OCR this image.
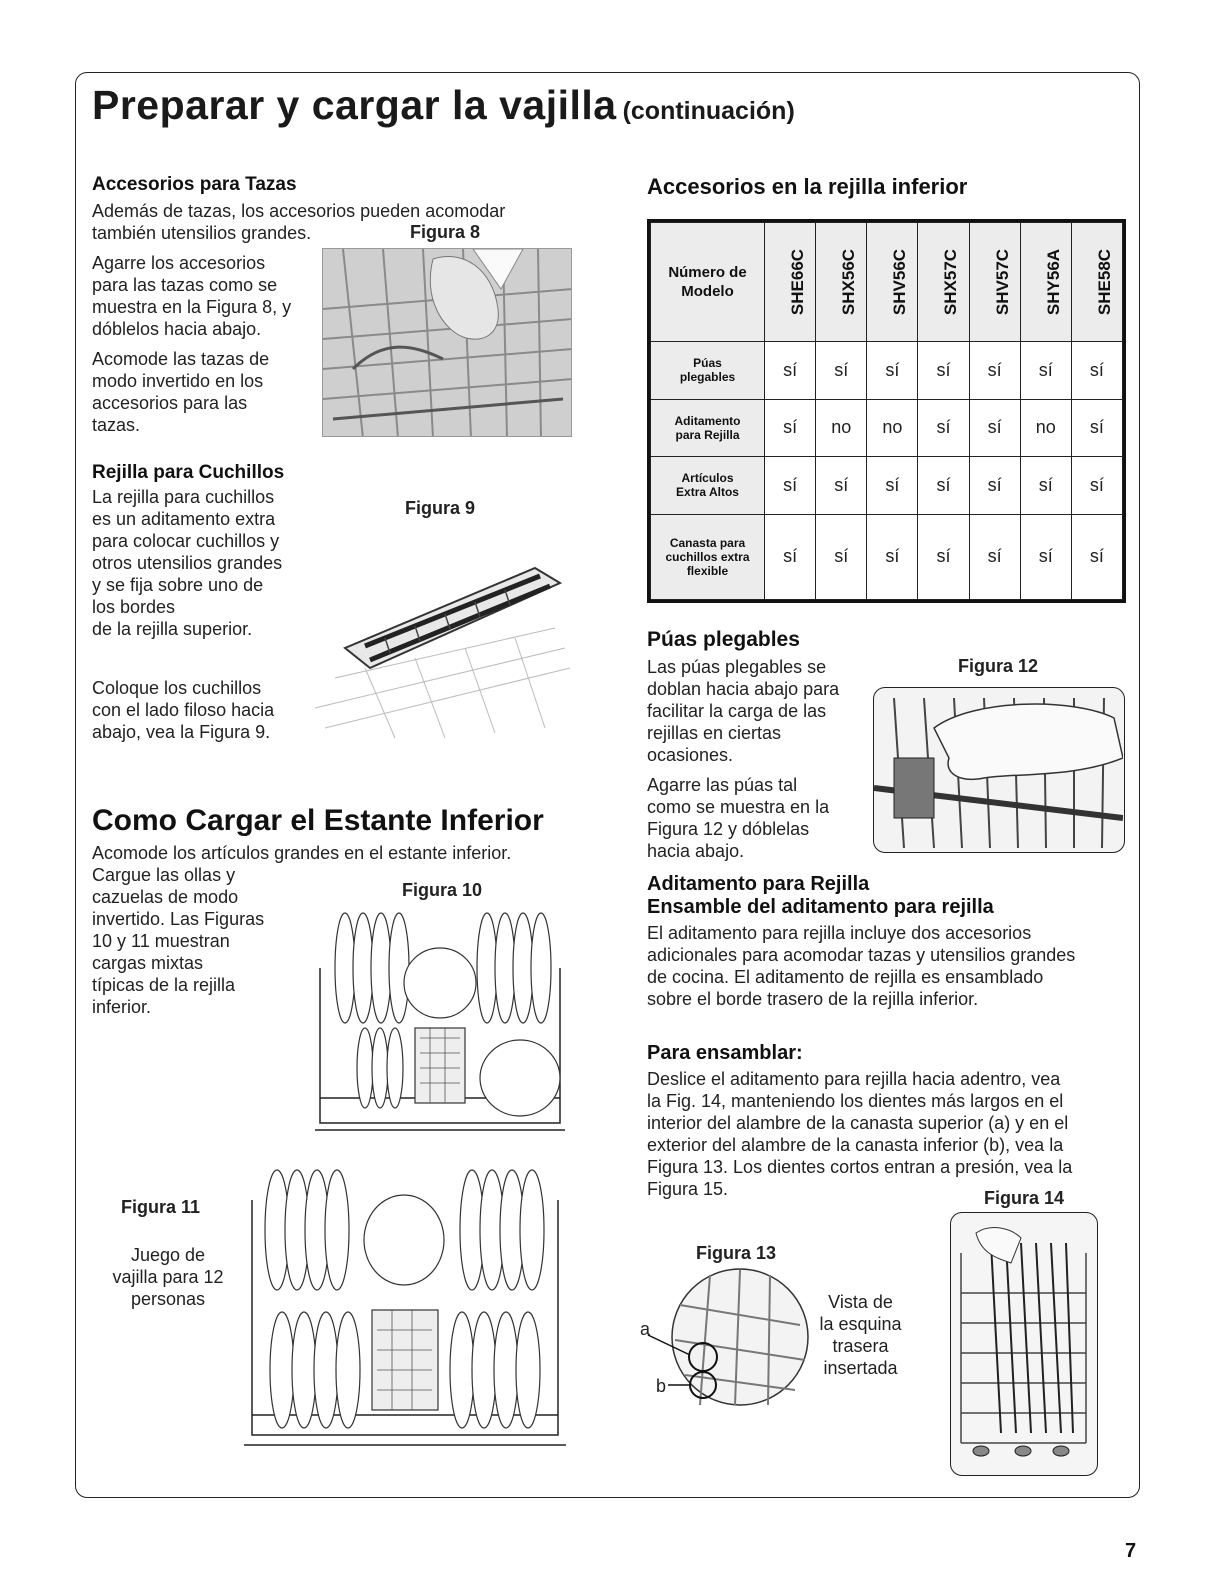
Preparar y cargar la vajilla (continuación)
Accesorios para Tazas
Además de tazas, los accesorios pueden acomodar
también utensilios grandes.	Figura 8
Agarre los accesorios
para las tazas como se
muestra en la Figura 8, y
dóblelos hacia abajo.
Acomode las tazas de
modo invertido en los
accesorios para las
tazas.
Rejilla para Cuchillos
La rejilla para cuchillos
es un aditamento extra
para colocar cuchillos y
otros utensilios grandes
y se fija sobre uno de
los bordes
de la rejilla superior.
Figura 9
Coloque los cuchillos
con el lado filoso hacia
abajo, vea la Figura 9.
Como Cargar el Estante Inferior
Acomode los artículos grandes en el estante inferior.
Cargue las ollas y
cazuelas de modo
invertido. Las Figuras
10 y 11 muestran
cargas mixtas
típicas de la rejilla
inferior.
Figura 10
Figura 11
Juego de
vajilla para 12
personas
Accesorios en la rejilla inferior
Número de
Modelo	SHE66C	SHX56C	SHV56C	SHX57C	SHV57C	SHY56A	SHE58C

Púas
plegables	sí	sí	sí	sí	sí	sí	sí

Aditamento
para Rejilla	sí	no	no	sí	sí	no	sí

Artículos
Extra Altos	sí	sí	sí	sí	sí	sí	sí

Canasta para
cuchillos extra
flexible	sí	sí	sí	sí	sí	sí	sí
Púas plegables
Figura 12
Las púas plegables se
doblan hacia abajo para
facilitar la carga de las
rejillas en ciertas
ocasiones.
Agarre las púas tal
como se muestra en la
Figura 12 y dóblelas
hacia abajo.
Aditamento para Rejilla
Ensamble del aditamento para rejilla
El aditamento para rejilla incluye dos accesorios
adicionales para acomodar tazas y utensilios grandes
de cocina. El aditamento de rejilla es ensamblado
sobre el borde trasero de la rejilla inferior.
Para ensamblar:
Deslice el aditamento para rejilla hacia adentro, vea
la Fig. 14, manteniendo los dientes más largos en el
interior del alambre de la canasta superior (a) y en el
exterior del alambre de la canasta inferior (b), vea la
Figura 13. Los dientes cortos entran a presión, vea la
Figura 15.	Figura 14
Figura 13
a
b
Vista de
la esquina
trasera
insertada
7
